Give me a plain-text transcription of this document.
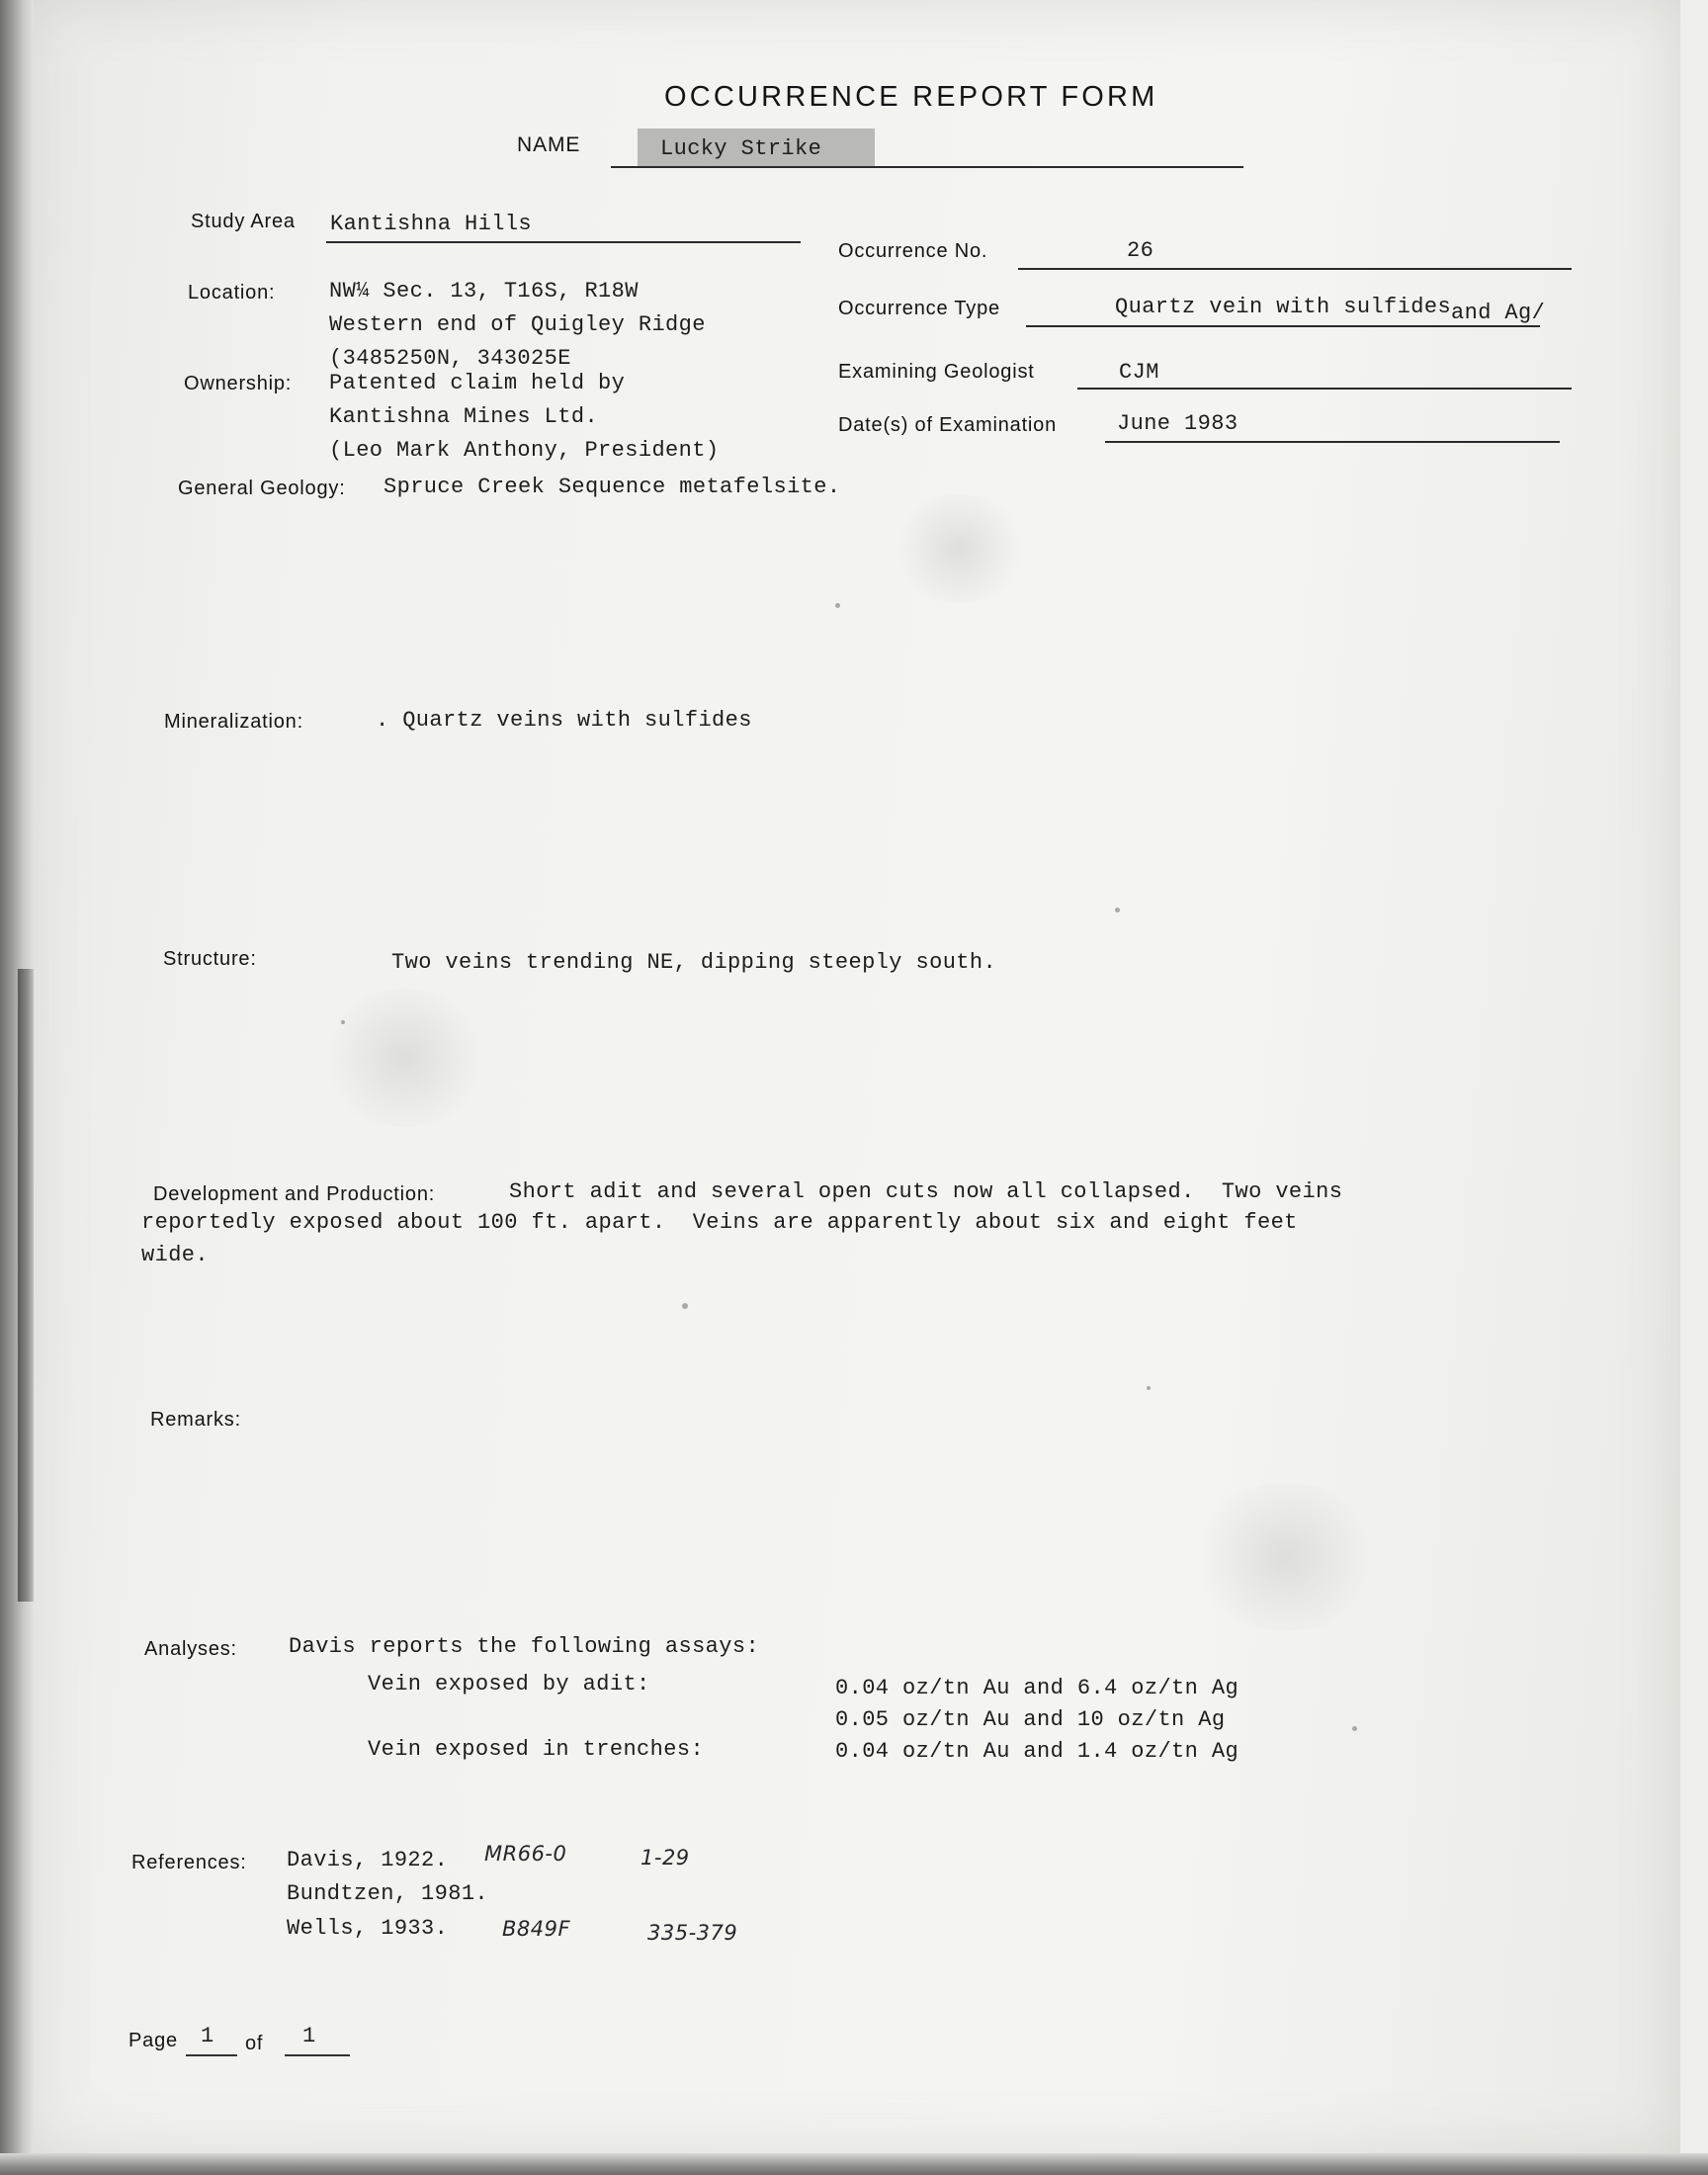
OCCURRENCE REPORT FORM
NAME	Lucky Strike
Study Area Kantishna Hills
Location: NW¼ Sec. 13, T16S, R18W
Western end of Quigley Ridge
(3485250N, 343025E
Ownership: Patented claim held by
Kantishna Mines Ltd.
(Leo Mark Anthony, President)
General Geology: Spruce Creek Sequence metafelsite.
Occurrence No.	26
Occurrence Type	Quartz vein with sulfides and Ag/
Examining Geologist	CJM
Date(s) of Examination	June 1983
Mineralization:	. Quartz veins with sulfides
Structure:	Two veins trending NE, dipping steeply south.
Development and Production:	Short adit and several open cuts now all collapsed.  Two veins
reportedly exposed about 100 ft. apart.  Veins are apparently about six and eight feet
wide.
Remarks:
Analyses: Davis reports the following assays:
Vein exposed by adit:	0.04 oz/tn Au and 6.4 oz/tn Ag
0.05 oz/tn Au and 10 oz/tn Ag
Vein exposed in trenches:	0.04 oz/tn Au and 1.4 oz/tn Ag
References: Davis, 1922. MR66-0	1-29
Bundtzen, 1981.
Wells, 1933.	B849F	335-379
Page 1 of 1
